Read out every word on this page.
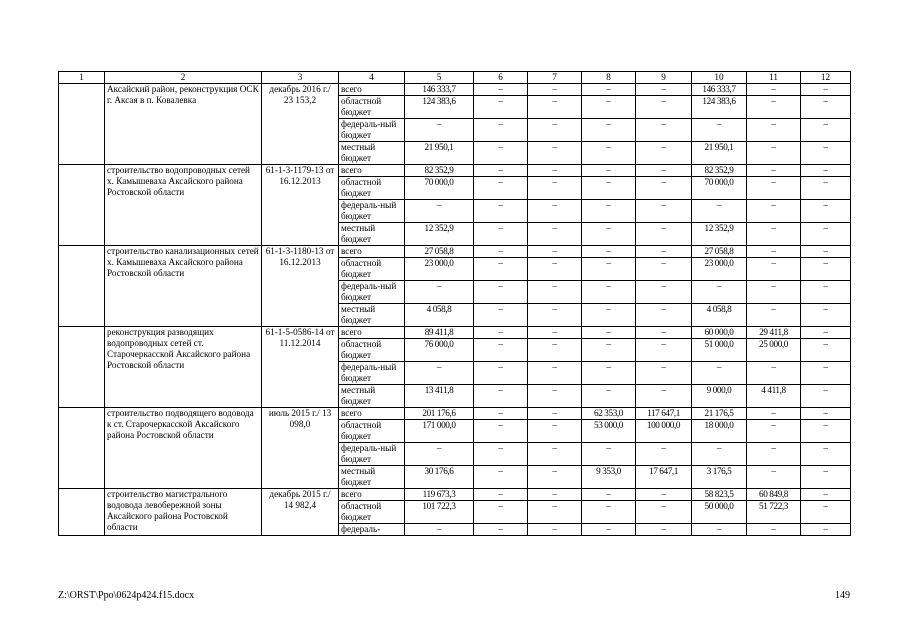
1	2	3	4	5	6	7	8	9	10	11	12
	Аксайский район, реконструкция ОСК г. Аксая в п. Ковалевка	декабрь 2016 г./ 23 153,2	всего	146 333,7	–	–	–	–	146 333,7	–	–
			областной бюджет	124 383,6	–	–	–	–	124 383,6	–	–
			федераль-ный бюджет	–	–	–	–	–	–	–	–
			местный бюджет	21 950,1	–	–	–	–	21 950,1	–	–
	строительство водопроводных сетей х. Камышеваха Аксайского района Ростовской области	61-1-3-1179-13 от 16.12.2013	всего	82 352,9	–	–	–	–	82 352,9	–	–
			областной бюджет	70 000,0	–	–	–	–	70 000,0	–	–
			федераль-ный бюджет	–	–	–	–	–	–	–	–
			местный бюджет	12 352,9	–	–	–	–	12 352,9	–	–
	строительство канализационных сетей х. Камышеваха Аксайского района Ростовской области	61-1-3-1180-13 от 16.12.2013	всего	27 058,8	–	–	–	–	27 058,8	–	–
			областной бюджет	23 000,0	–	–	–	–	23 000,0	–	–
			федераль-ный бюджет	–	–	–	–	–	–	–	–
			местный бюджет	4 058,8	–	–	–	–	4 058,8	–	–
	реконструкция разводящих водопроводных сетей ст. Старочеркасской Аксайского района Ростовской области	61-1-5-0586-14 от 11.12.2014	всего	89 411,8	–	–	–	–	60 000,0	29 411,8	–
			областной бюджет	76 000,0	–	–	–	–	51 000,0	25 000,0	–
			федераль-ный бюджет	–	–	–	–	–	–	–	–
			местный бюджет	13 411,8	–	–	–	–	9 000,0	4 411,8	–
	строительство подводящего водовода к ст. Старочеркасской Аксайского района Ростовской области	июль 2015 г./ 13 098,0	всего	201 176,6	–	–	62 353,0	117 647,1	21 176,5	–	–
			областной бюджет	171 000,0	–	–	53 000,0	100 000,0	18 000,0	–	–
			федераль-ный бюджет	–	–	–	–	–	–	–	–
			местный бюджет	30 176,6	–	–	9 353,0	17 647,1	3 176,5	–	–
	строительство магистрального водовода левобережной зоны Аксайского района Ростовской области	декабрь 2015 г./ 14 982,4	всего	119 673,3	–	–	–	–	58 823,5	60 849,8	–
			областной бюджет	101 722,3	–	–	–	–	50 000,0	51 722,3	–
			федераль-	–	–	–	–	–	–	–	–
Z:\ORST\Ppo\0624p424.f15.docx	149
